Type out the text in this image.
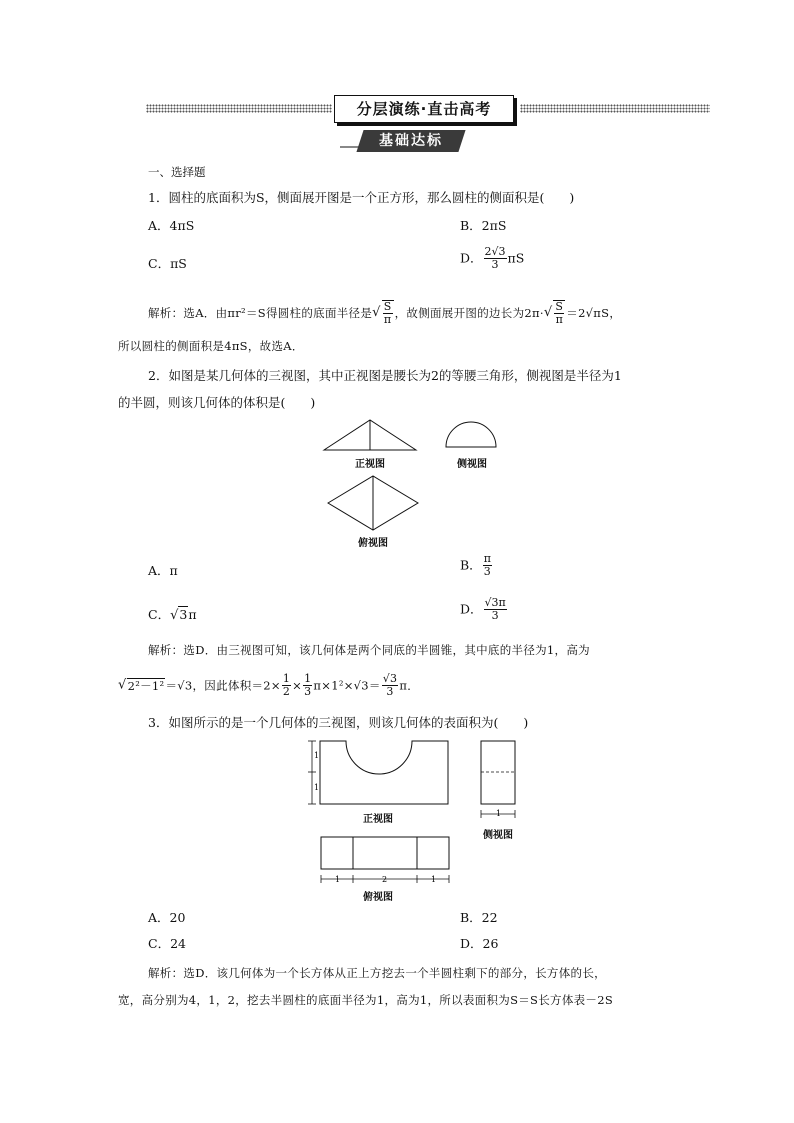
分层演练·直击高考
基础达标
一、选择题
1．圆柱的底面积为S，侧面展开图是一个正方形，那么圆柱的侧面积是(　　)
A．4πS	B．2πS
C．πS	D． $\frac{2√3}{3}$ πS
解析：选A．由πr²＝S得圆柱的底面半径是√ $\frac{S}{\pi}$ ，故侧面展开图的边长为$2\pi\cdot√ \frac{S}{\pi} =2√\pi S$，
所以圆柱的侧面积是4πS，故选A．
2．如图是某几何体的三视图，其中正视图是腰长为2的等腰三角形，侧视图是半径为1
的半圆，则该几何体的体积是(　　)
正视图	侧视图
俯视图
A．π	B． $\frac{\pi}{3}$
C．√3π	D． $\frac{√3\pi}{3}$
解析：选D．由三视图可知，该几何体是两个同底的半圆锥，其中底的半径为1，高为
√2²－1²＝√3，因此体积$=2\times \frac{1}{2} \times \frac{1}{3} \pi\times 1^2\times√3= \frac{√3}{3}$ π．
3．如图所示的是一个几何体的三视图，则该几何体的表面积为(　　)
1
1
正视图
1
侧视图
1	2	1
俯视图
A．20	B．22
C．24	D．26
解析：选D．该几何体为一个长方体从正上方挖去一个半圆柱剩下的部分，长方体的长，
宽，高分别为4，1，2，挖去半圆柱的底面半径为1，高为1，所以表面积为S＝S长方体表－2S
